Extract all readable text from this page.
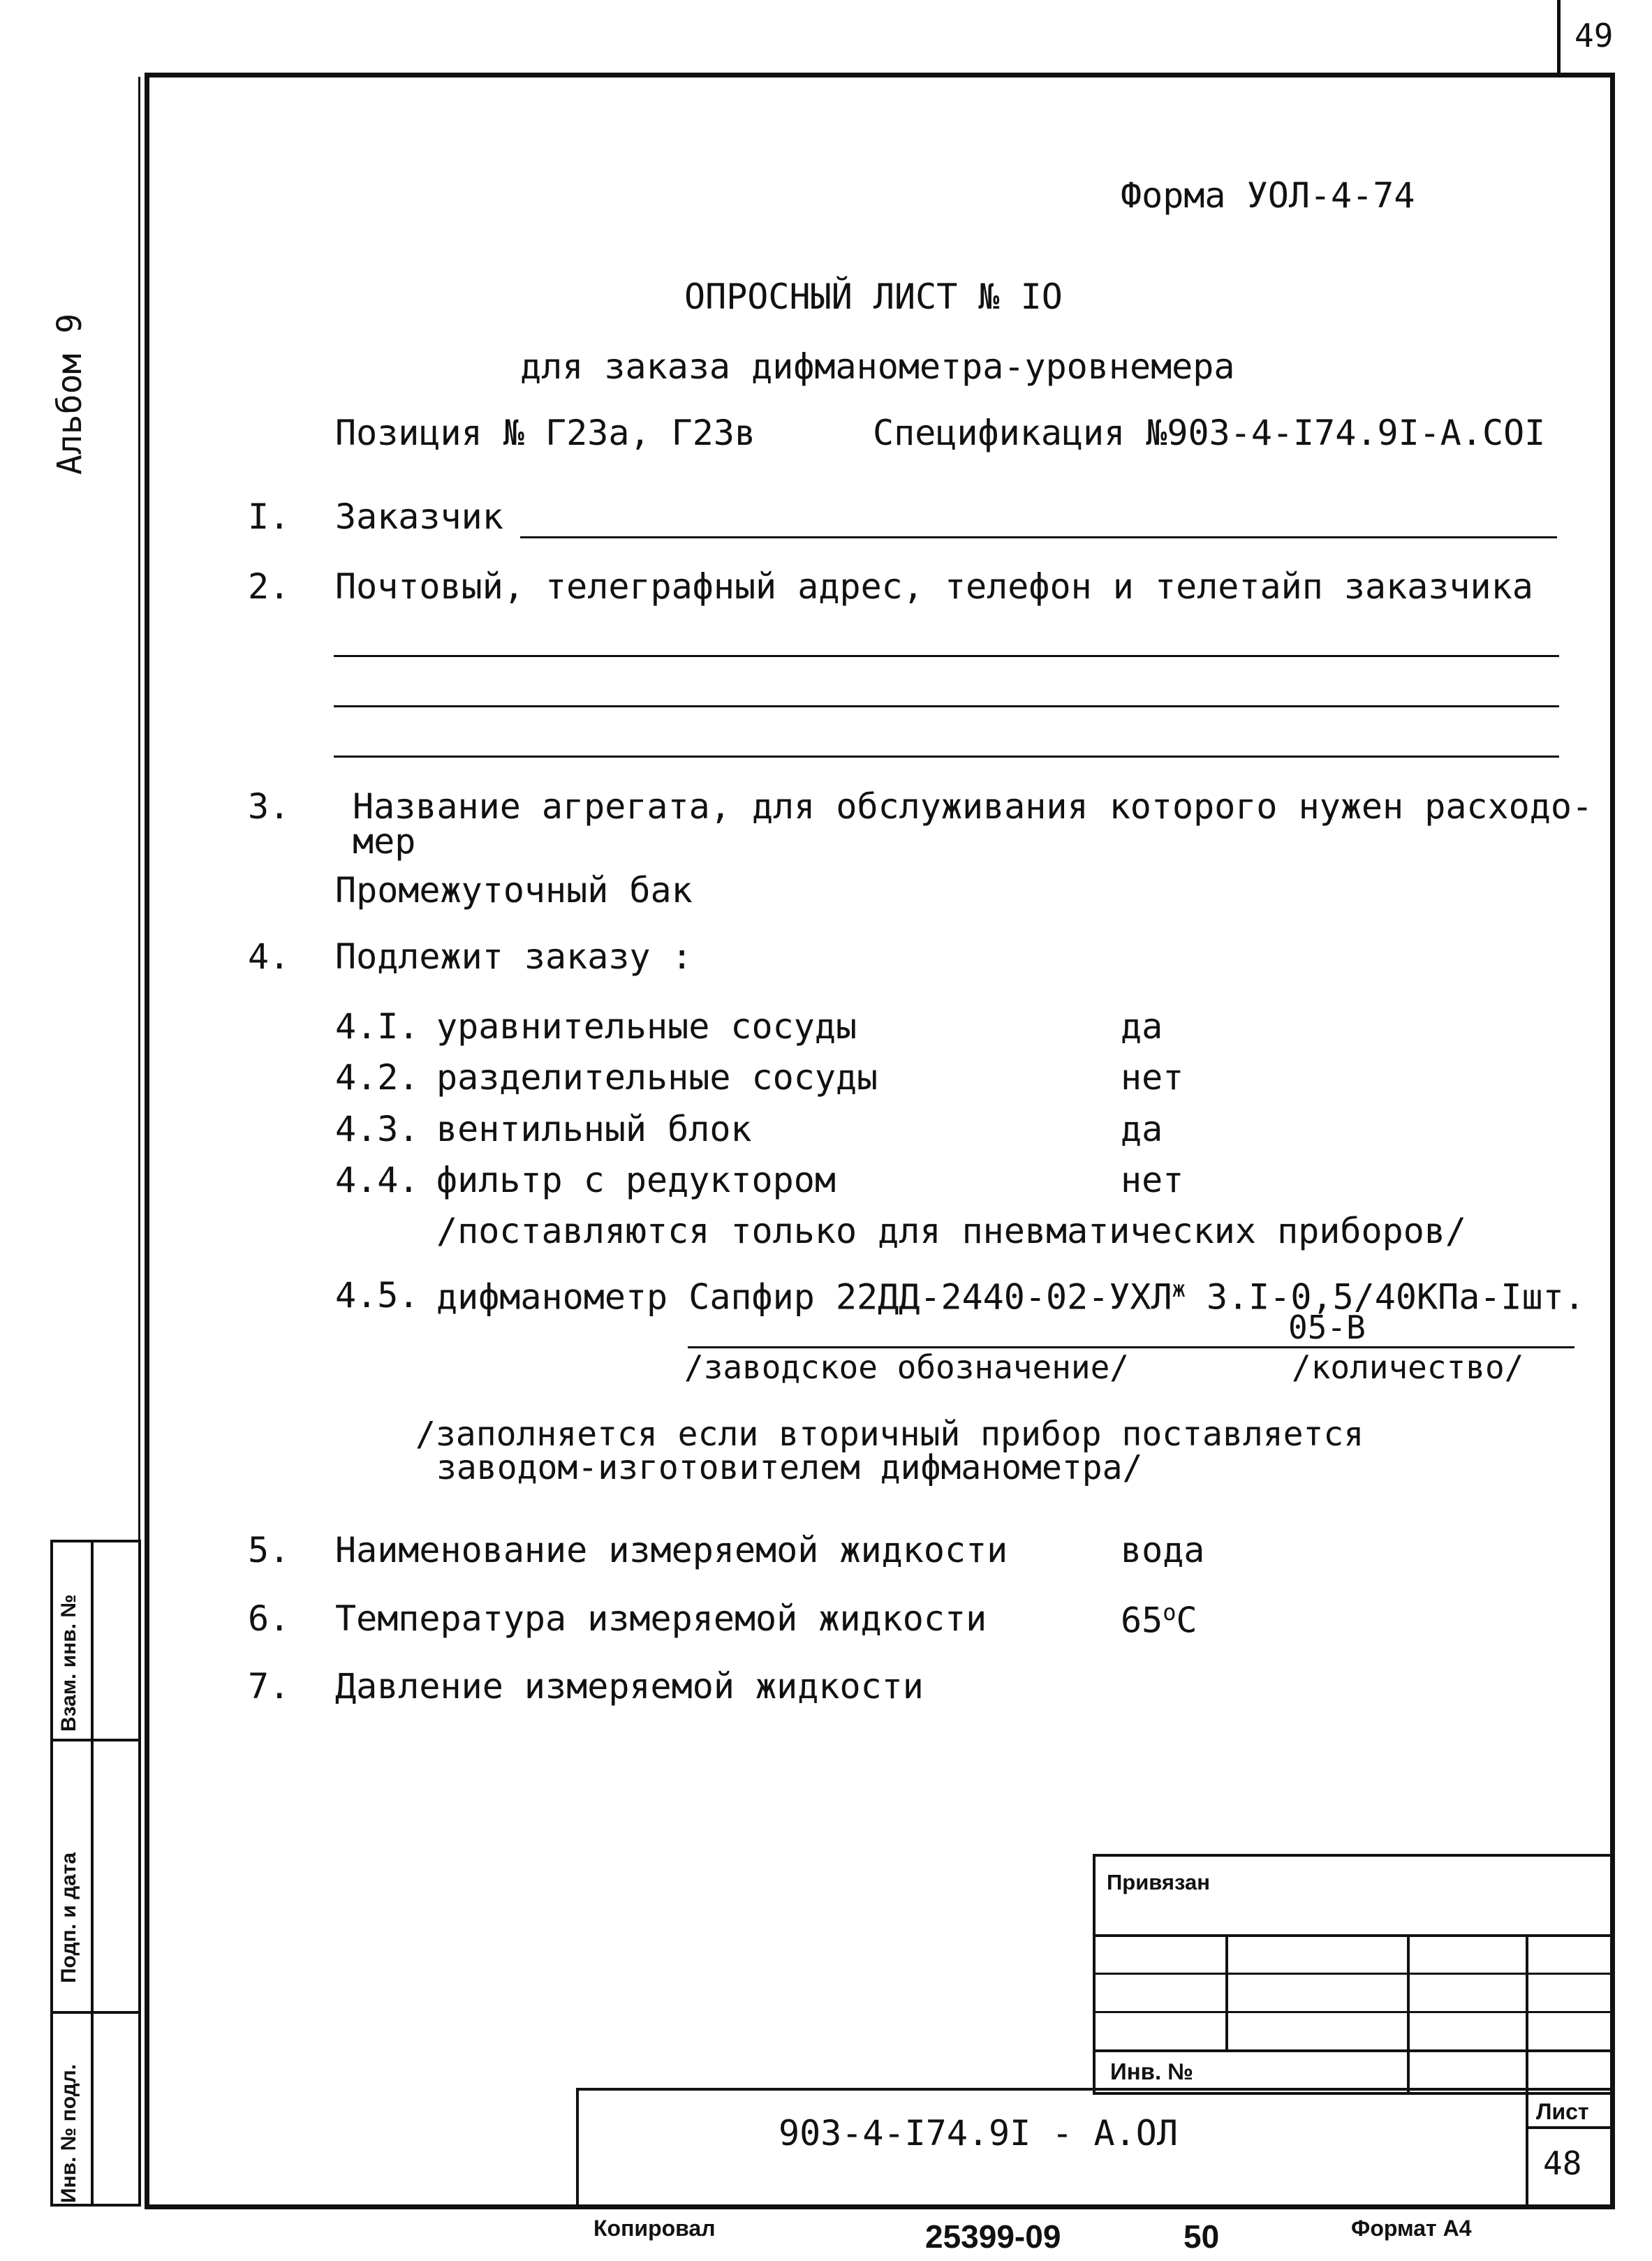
49
Альбом 9
Форма УОЛ-4-74
ОПРОСНЫЙ ЛИСТ № IO
для заказа дифманометра-уровнемера
Позиция № Г23а, Г23в	Спецификация №903-4-I74.9I-А.СОI
I. Заказчик
2. Почтовый, телеграфный адрес, телефон и телетайп заказчика
3. Название агрегата, для обслуживания которого нужен расходо-
мер
Промежуточный бак
4. Подлежит заказу :
4.I. уравнительные сосуды	да
4.2. разделительные сосуды	нет
4.3. вентильный блок	да
4.4. фильтр с редуктором	нет
/поставляются только для пневматических приборов/
4.5. дифманометр Сапфир $22ДД-2440-02-УХЛ^ж$ 3.I-0,5/40КПа-Iшт.
05-В
/заводское обозначение/	/количество/
/заполняется если вторичный прибор поставляется
заводом-изготовителем дифманометра/
5. Наименование измеряемой жидкости	вода
6. Температура измеряемой жидкости	65$^o$С
7. Давление измеряемой жидкости
Взам. инв. №
Подп. и дата
Инв. № подл.
Привязан
Инв. №
903-4-I74.9I - А.ОЛ
Лист
48
Копировал	25399-09	50	Формат А4
